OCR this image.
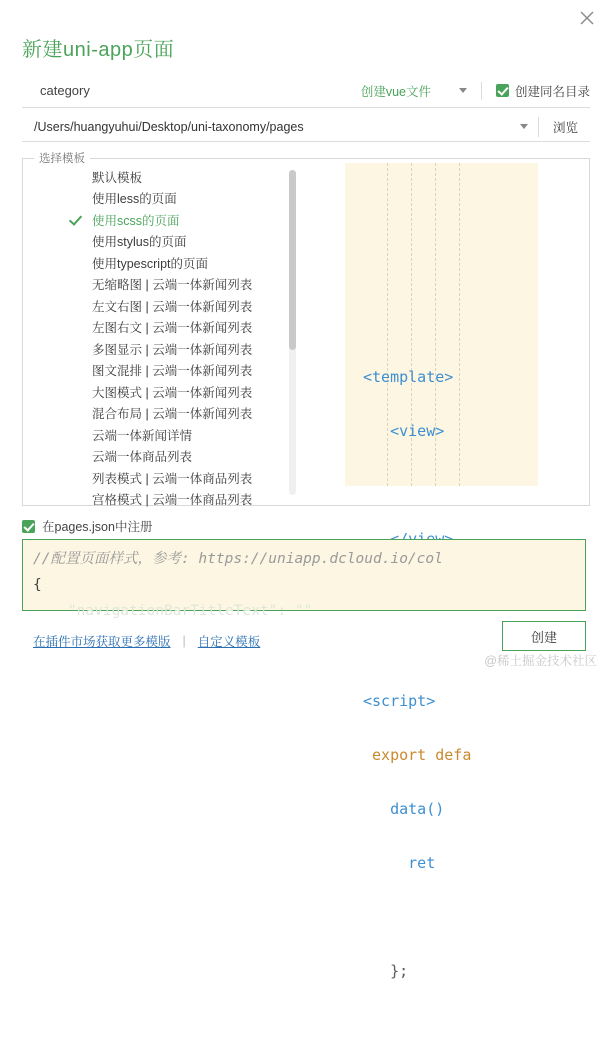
新建uni-app页面
category	创建vue文件	创建同名目录
/Users/huangyuhui/Desktop/uni-taxonomy/pages	浏览
选择模板
默认模板
使用less的页面
使用scss的页面
使用stylus的页面
使用typescript的页面
无缩略图 | 云端一体新闻列表
左文右图 | 云端一体新闻列表
左图右文 | 云端一体新闻列表
多图显示 | 云端一体新闻列表
图文混排 | 云端一体新闻列表
大图模式 | 云端一体新闻列表
混合布局 | 云端一体新闻列表
云端一体新闻详情
云端一体商品列表
列表模式 | 云端一体商品列表
宫格模式 | 云端一体商品列表

<template>

<view>

<script>

export defa

data()

ret

};

在pages.json中注册
//配置页面样式，参考: https://uniapp.dcloud.io/col
{
"navigationBarTitleText": ""
在插件市场获取更多模版 | 自定义模板	创建
@稀土掘金技术社区
